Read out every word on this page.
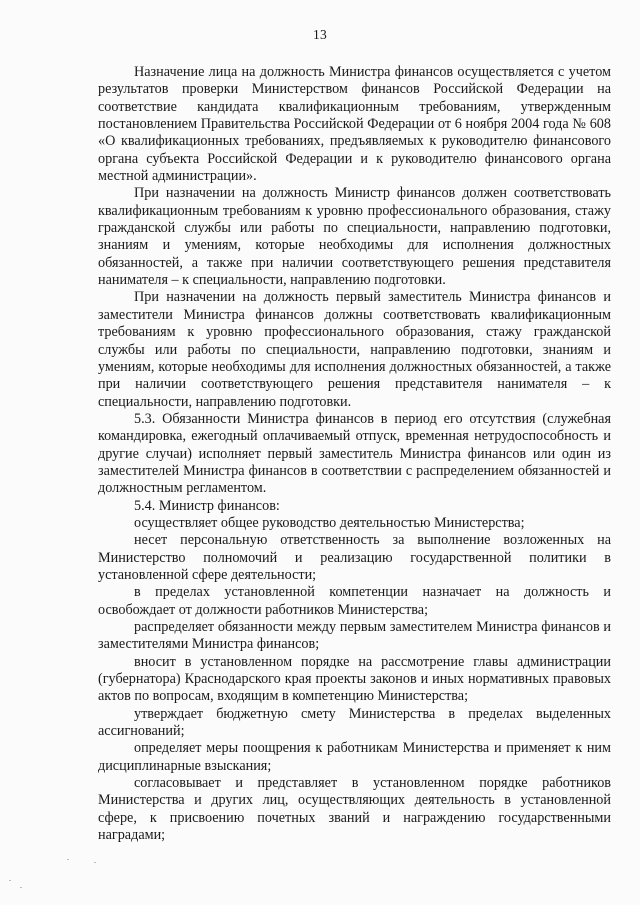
13

Назначение лица на должность Министра финансов осуществляется с учетом результатов проверки Министерством финансов Российской Федерации на соответствие кандидата квалификационным требованиям, утвержденным постановлением Правительства Российской Федерации от 6 ноября 2004 года № 608 «О квалификационных требованиях, предъявляемых к руководителю финансового органа субъекта Российской Федерации и к руководителю финансового органа местной администрации».

При назначении на должность Министр финансов должен соответствовать квалификационным требованиям к уровню профессионального образования, стажу гражданской службы или работы по специальности, направлению подготовки, знаниям и умениям, которые необходимы для исполнения должностных обязанностей, а также при наличии соответствующего решения представителя нанимателя – к специальности, направлению подготовки.

При назначении на должность первый заместитель Министра финансов и заместители Министра финансов должны соответствовать квалификационным требованиям к уровню профессионального образования, стажу гражданской службы или работы по специальности, направлению подготовки, знаниям и умениям, которые необходимы для исполнения должностных обязанностей, а также при наличии соответствующего решения представителя нанимателя – к специальности, направлению подготовки.

5.3. Обязанности Министра финансов в период его отсутствия (служебная командировка, ежегодный оплачиваемый отпуск, временная нетрудоспособность и другие случаи) исполняет первый заместитель Министра финансов или один из заместителей Министра финансов в соответствии с распределением обязанностей и должностным регламентом.

5.4. Министр финансов:

осуществляет общее руководство деятельностью Министерства;

несет персональную ответственность за выполнение возложенных на Министерство полномочий и реализацию государственной политики в установленной сфере деятельности;

в пределах установленной компетенции назначает на должность и освобождает от должности работников Министерства;

распределяет обязанности между первым заместителем Министра финансов и заместителями Министра финансов;

вносит в установленном порядке на рассмотрение главы администрации (губернатора) Краснодарского края проекты законов и иных нормативных правовых актов по вопросам, входящим в компетенцию Министерства;

утверждает бюджетную смету Министерства в пределах выделенных ассигнований;

определяет меры поощрения к работникам Министерства и применяет к ним дисциплинарные взыскания;

согласовывает и представляет в установленном порядке работников Министерства и других лиц, осуществляющих деятельность в установленной сфере, к присвоению почетных званий и награждению государственными наградами;
